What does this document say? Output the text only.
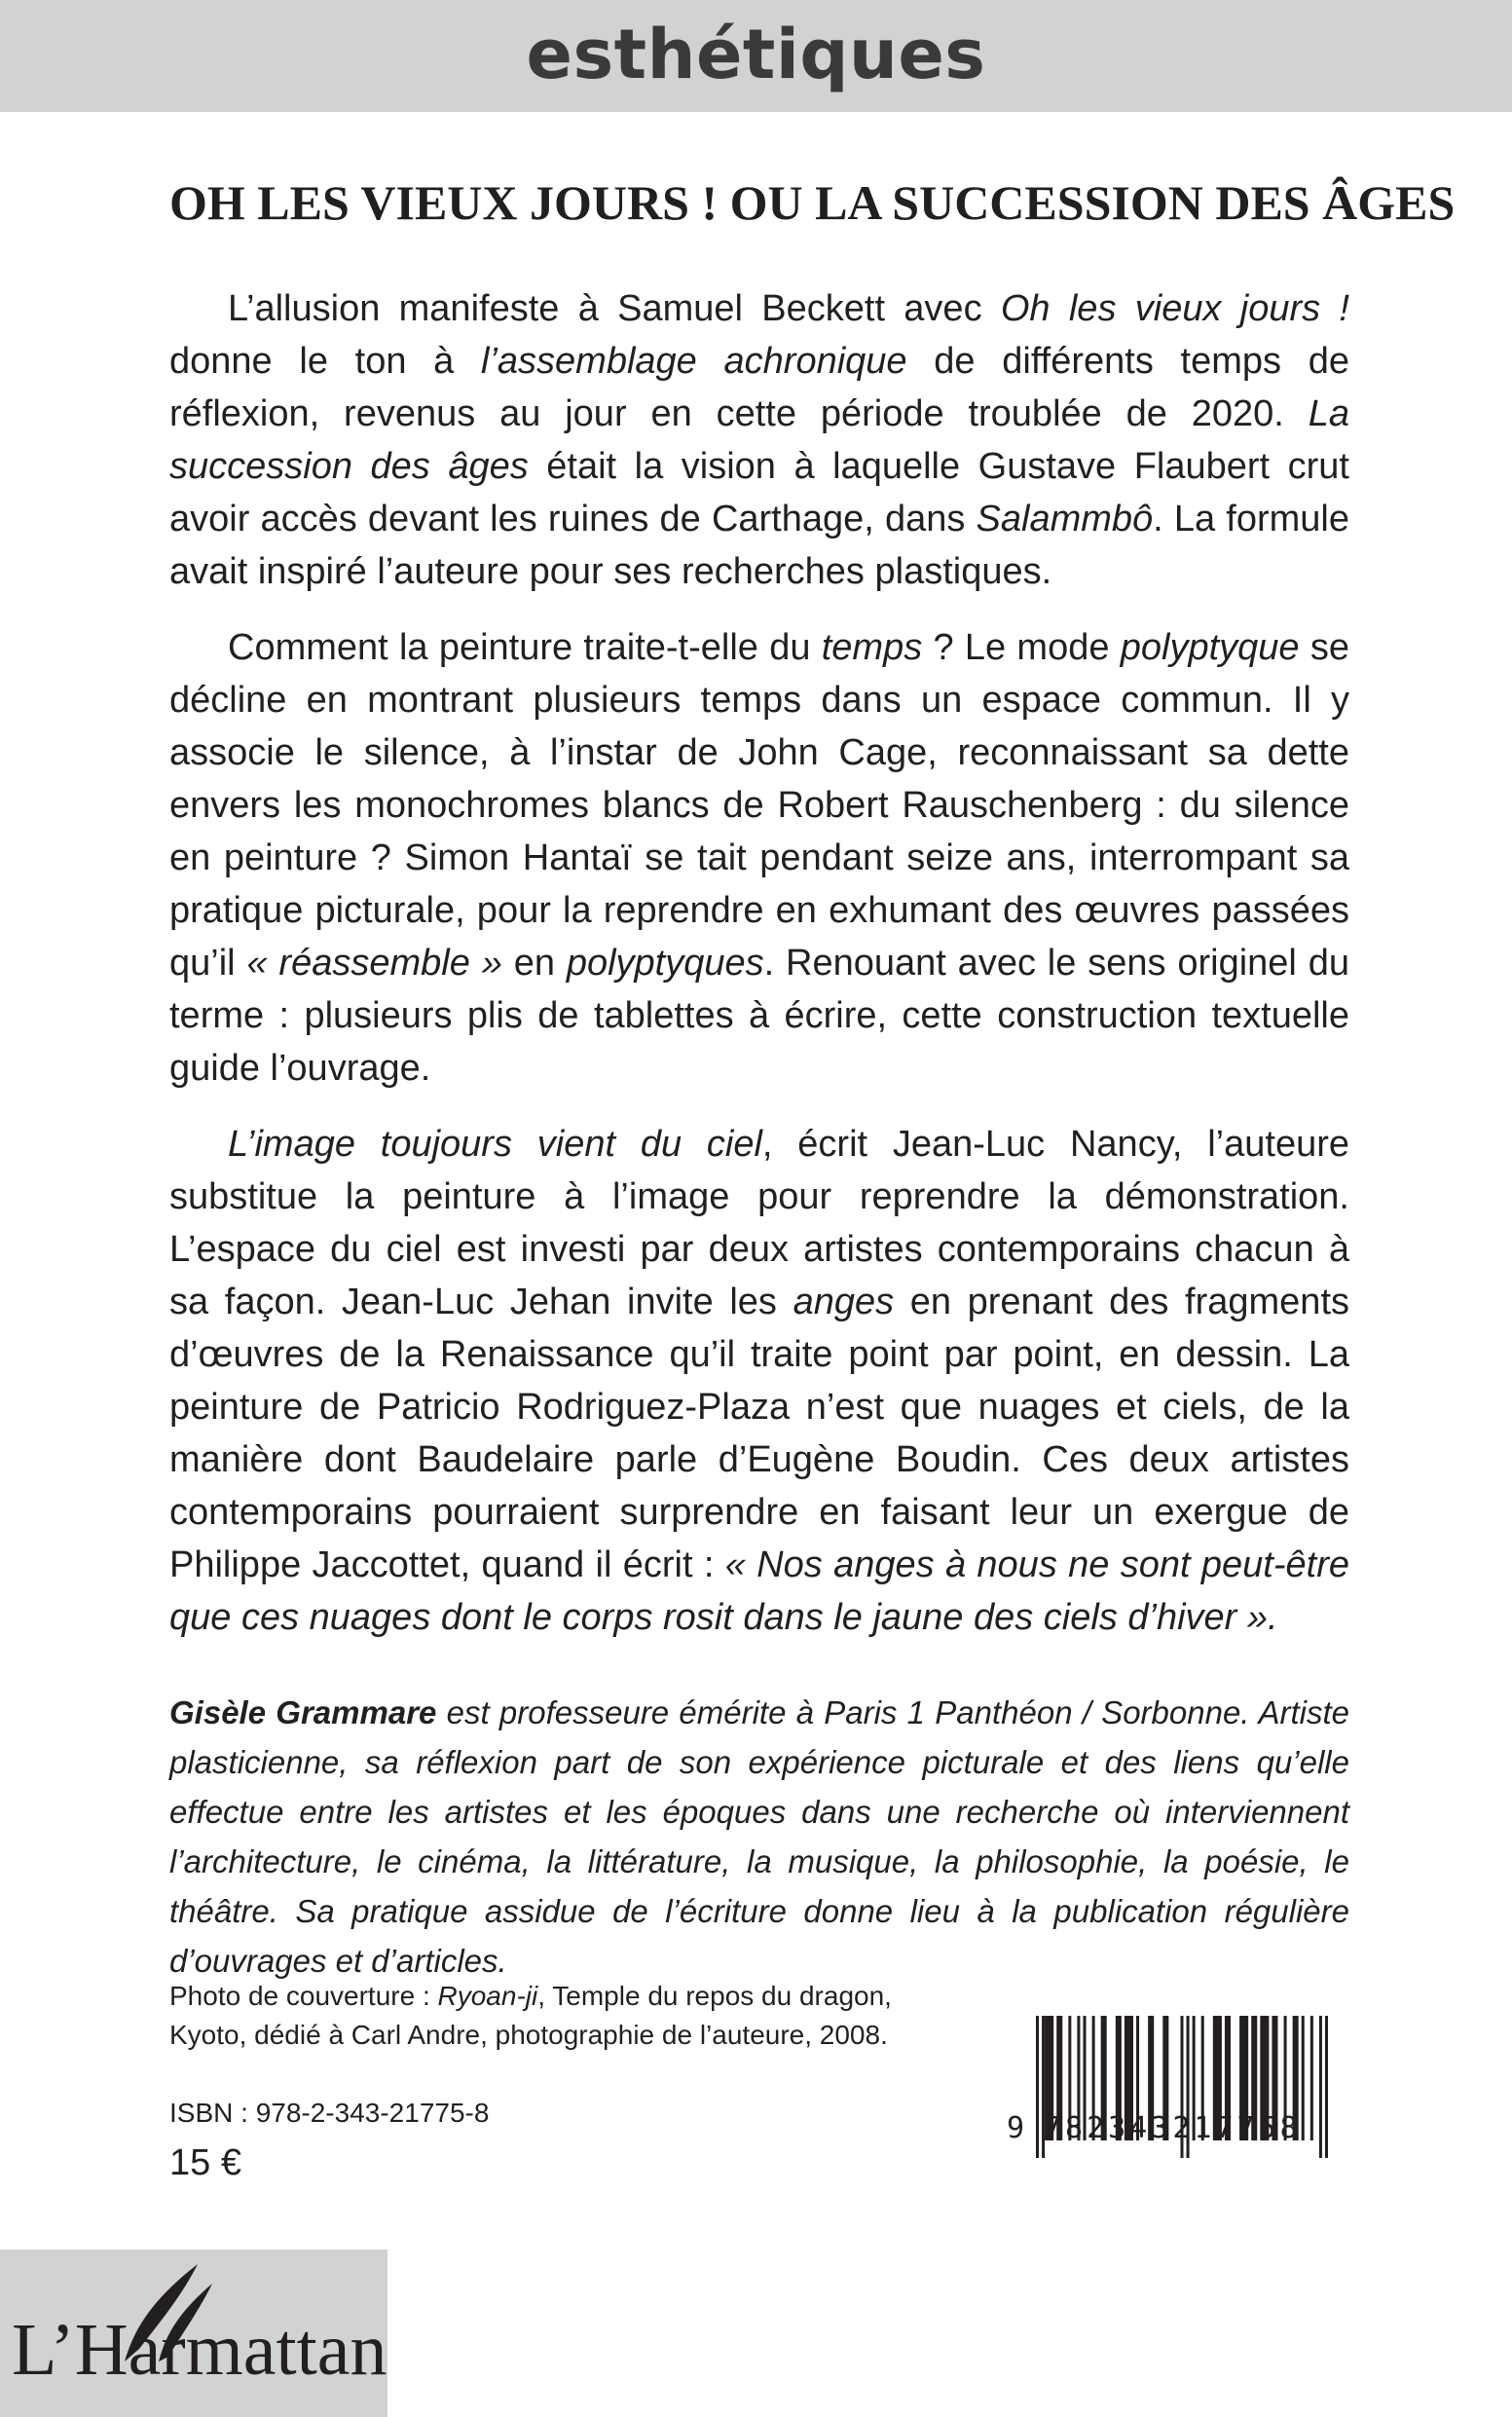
esthétiques
OH LES VIEUX JOURS ! OU LA SUCCESSION DES ÂGES

L’allusion manifeste à Samuel Beckett avec Oh les vieux jours ! donne le ton à l’assemblage achronique de différents temps de réflexion, revenus au jour en cette période troublée de 2020. La succession des âges était la vision à laquelle Gustave Flaubert crut avoir accès devant les ruines de Carthage, dans Salammbô. La formule avait inspiré l’auteure pour ses recherches plastiques.

Comment la peinture traite-t-elle du temps ? Le mode polyptyque se décline en montrant plusieurs temps dans un espace commun. Il y associe le silence, à l’instar de John Cage, reconnaissant sa dette envers les monochromes blancs de Robert Rauschenberg : du silence en peinture ? Simon Hantaï se tait pendant seize ans, interrompant sa pratique picturale, pour la reprendre en exhumant des œuvres passées qu’il « réassemble » en polyptyques. Renouant avec le sens originel du terme : plusieurs plis de tablettes à écrire, cette construction textuelle guide l’ouvrage.

L’image toujours vient du ciel, écrit Jean-Luc Nancy, l’auteure substitue la peinture à l’image pour reprendre la démonstration. L’espace du ciel est investi par deux artistes contemporains chacun à sa façon. Jean-Luc Jehan invite les anges en prenant des fragments d’œuvres de la Renaissance qu’il traite point par point, en dessin. La peinture de Patricio Rodriguez-Plaza n’est que nuages et ciels, de la manière dont Baudelaire parle d’Eugène Boudin. Ces deux artistes contemporains pourraient surprendre en faisant leur un exergue de Philippe Jaccottet, quand il écrit : « Nos anges à nous ne sont peut-être que ces nuages dont le corps rosit dans le jaune des ciels d’hiver ».

Gisèle Grammare est professeure émérite à Paris 1 Panthéon / Sorbonne. Artiste plasticienne, sa réflexion part de son expérience picturale et des liens qu’elle effectue entre les artistes et les époques dans une recherche où interviennent l’architecture, le cinéma, la littérature, la musique, la philosophie, la poésie, le théâtre. Sa pratique assidue de l’écriture donne lieu à la publication régulière d’ouvrages et d’articles.
Photo de couverture : Ryoan-ji, Temple du repos du dragon,
Kyoto, dédié à Carl Andre, photographie de l’auteure, 2008.
ISBN : 978-2-343-21775-8
15 €
9 782343217758
L’Harmattan
